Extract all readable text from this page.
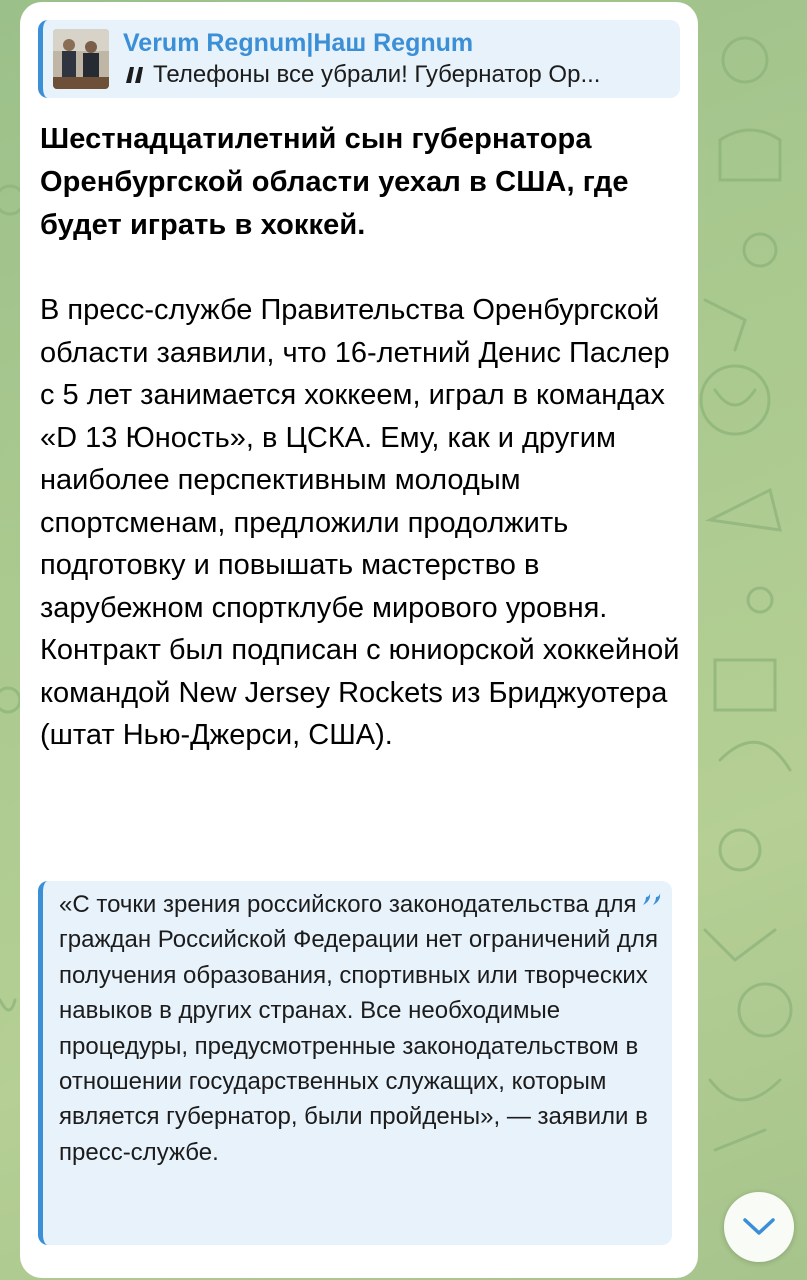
Verum Regnum|Наш Regnum
Телефоны все убрали! Губернатор Ор...
Шестнадцатилетний сын губернатора Оренбургской области уехал в США, где будет играть в хоккей.
В пресс-службе Правительства Оренбургской области заявили, что 16-летний Денис Паслер с 5 лет занимается хоккеем, играл в командах «D 13 Юность», в ЦСКА. Ему, как и другим наиболее перспективным молодым спортсменам, предложили продолжить подготовку и повышать мастерство в зарубежном спортклубе мирового уровня. Контракт был подписан с юниорской хоккейной командой New Jersey Rockets из Бриджуотера (штат Нью-Джерси, США).
«С точки зрения российского законодательства для граждан Российской Федерации нет ограничений для получения образования, спортивных или творческих навыков в других странах. Все необходимые процедуры, предусмотренные законодательством в отношении государственных служащих, которым является губернатор, были пройдены», — заявили в пресс-службе.
